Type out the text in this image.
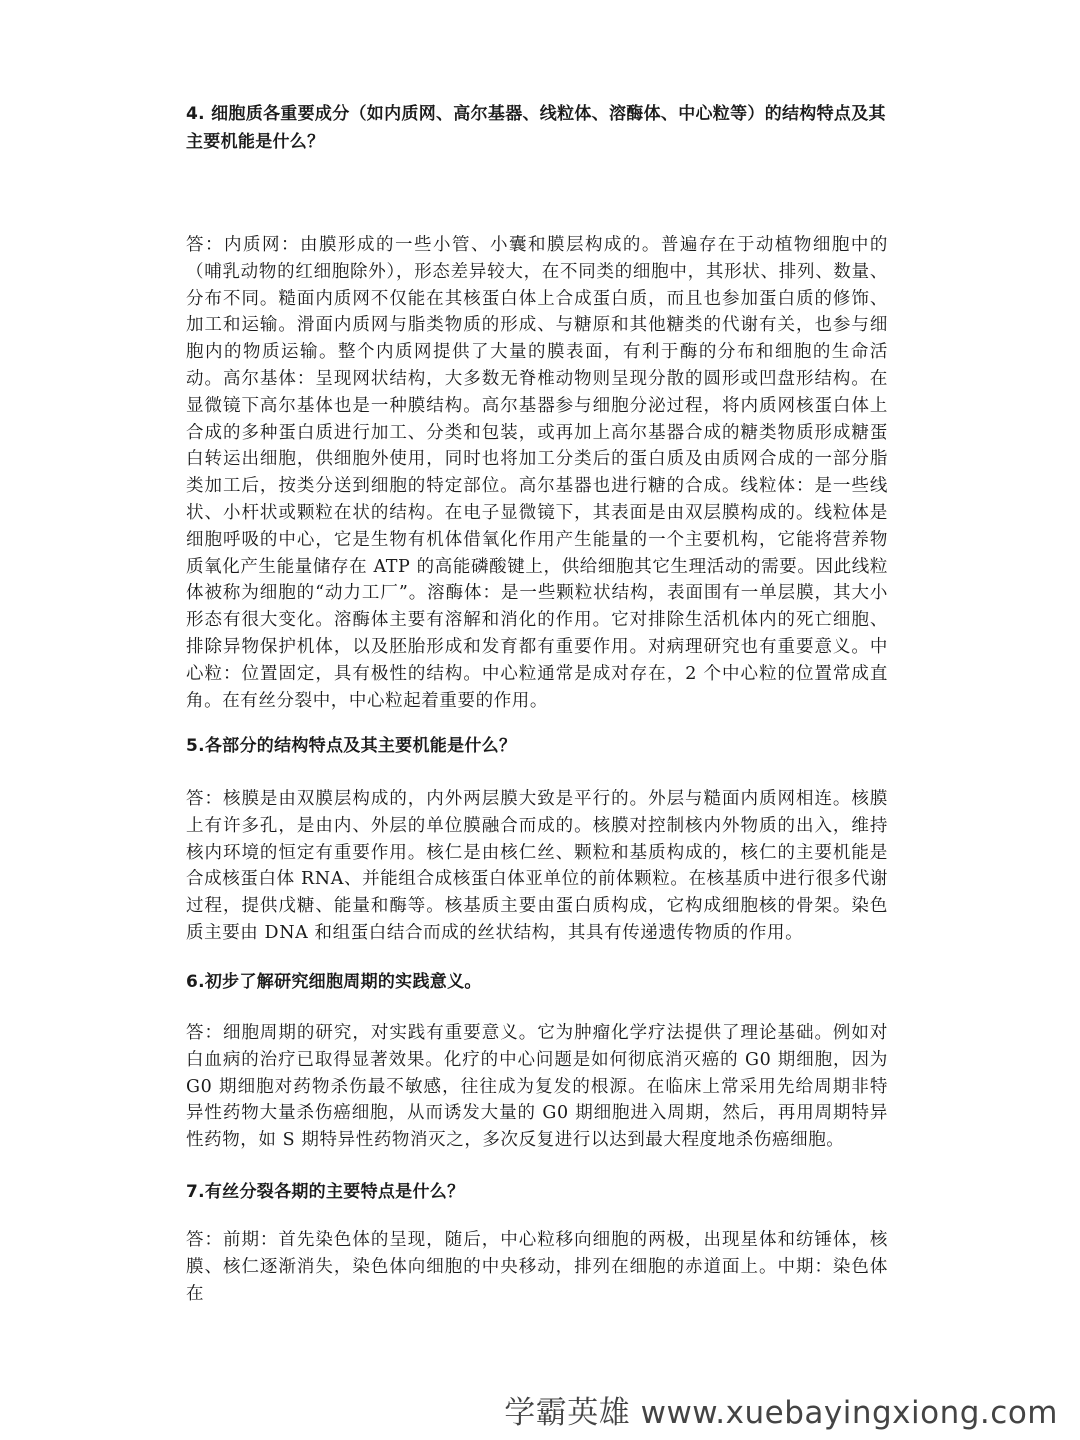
4. 细胞质各重要成分（如内质网、高尔基器、线粒体、溶酶体、中心粒等）的结构特点及其主要机能是什么？

答：内质网：由膜形成的一些小管、小囊和膜层构成的。普遍存在于动植物细胞中的（哺乳动物的红细胞除外），形态差异较大，在不同类的细胞中，其形状、排列、数量、分布不同。糙面内质网不仅能在其核蛋白体上合成蛋白质，而且也参加蛋白质的修饰、加工和运输。滑面内质网与脂类物质的形成、与糖原和其他糖类的代谢有关，也参与细胞内的物质运输。整个内质网提供了大量的膜表面，有利于酶的分布和细胞的生命活动。高尔基体：呈现网状结构，大多数无脊椎动物则呈现分散的圆形或凹盘形结构。在显微镜下高尔基体也是一种膜结构。高尔基器参与细胞分泌过程，将内质网核蛋白体上合成的多种蛋白质进行加工、分类和包装，或再加上高尔基器合成的糖类物质形成糖蛋白转运出细胞，供细胞外使用，同时也将加工分类后的蛋白质及由质网合成的一部分脂类加工后，按类分送到细胞的特定部位。高尔基器也进行糖的合成。线粒体：是一些线状、小杆状或颗粒在状的结构。在电子显微镜下，其表面是由双层膜构成的。线粒体是细胞呼吸的中心，它是生物有机体借氧化作用产生能量的一个主要机构，它能将营养物质氧化产生能量储存在 ATP 的高能磷酸键上，供给细胞其它生理活动的需要。因此线粒体被称为细胞的“动力工厂”。溶酶体：是一些颗粒状结构，表面围有一单层膜，其大小形态有很大变化。溶酶体主要有溶解和消化的作用。它对排除生活机体内的死亡细胞、排除异物保护机体，以及胚胎形成和发育都有重要作用。对病理研究也有重要意义。中心粒：位置固定，具有极性的结构。中心粒通常是成对存在，2 个中心粒的位置常成直角。在有丝分裂中，中心粒起着重要的作用。

5.各部分的结构特点及其主要机能是什么？

答：核膜是由双膜层构成的，内外两层膜大致是平行的。外层与糙面内质网相连。核膜上有许多孔，是由内、外层的单位膜融合而成的。核膜对控制核内外物质的出入，维持核内环境的恒定有重要作用。核仁是由核仁丝、颗粒和基质构成的，核仁的主要机能是合成核蛋白体 RNA、并能组合成核蛋白体亚单位的前体颗粒。在核基质中进行很多代谢过程，提供戊糖、能量和酶等。核基质主要由蛋白质构成，它构成细胞核的骨架。染色质主要由 DNA 和组蛋白结合而成的丝状结构，其具有传递遗传物质的作用。

6.初步了解研究细胞周期的实践意义。

答：细胞周期的研究，对实践有重要意义。它为肿瘤化学疗法提供了理论基础。例如对白血病的治疗已取得显著效果。化疗的中心问题是如何彻底消灭癌的 G0 期细胞，因为 G0 期细胞对药物杀伤最不敏感，往往成为复发的根源。在临床上常采用先给周期非特异性药物大量杀伤癌细胞，从而诱发大量的 G0 期细胞进入周期，然后，再用周期特异性药物，如 S 期特异性药物消灭之，多次反复进行以达到最大程度地杀伤癌细胞。

7.有丝分裂各期的主要特点是什么？

答：前期：首先染色体的呈现，随后，中心粒移向细胞的两极，出现星体和纺锤体，核膜、核仁逐渐消失，染色体向细胞的中央移动，排列在细胞的赤道面上。中期：染色体在

学霸英雄 www.xuebayingxiong.com
